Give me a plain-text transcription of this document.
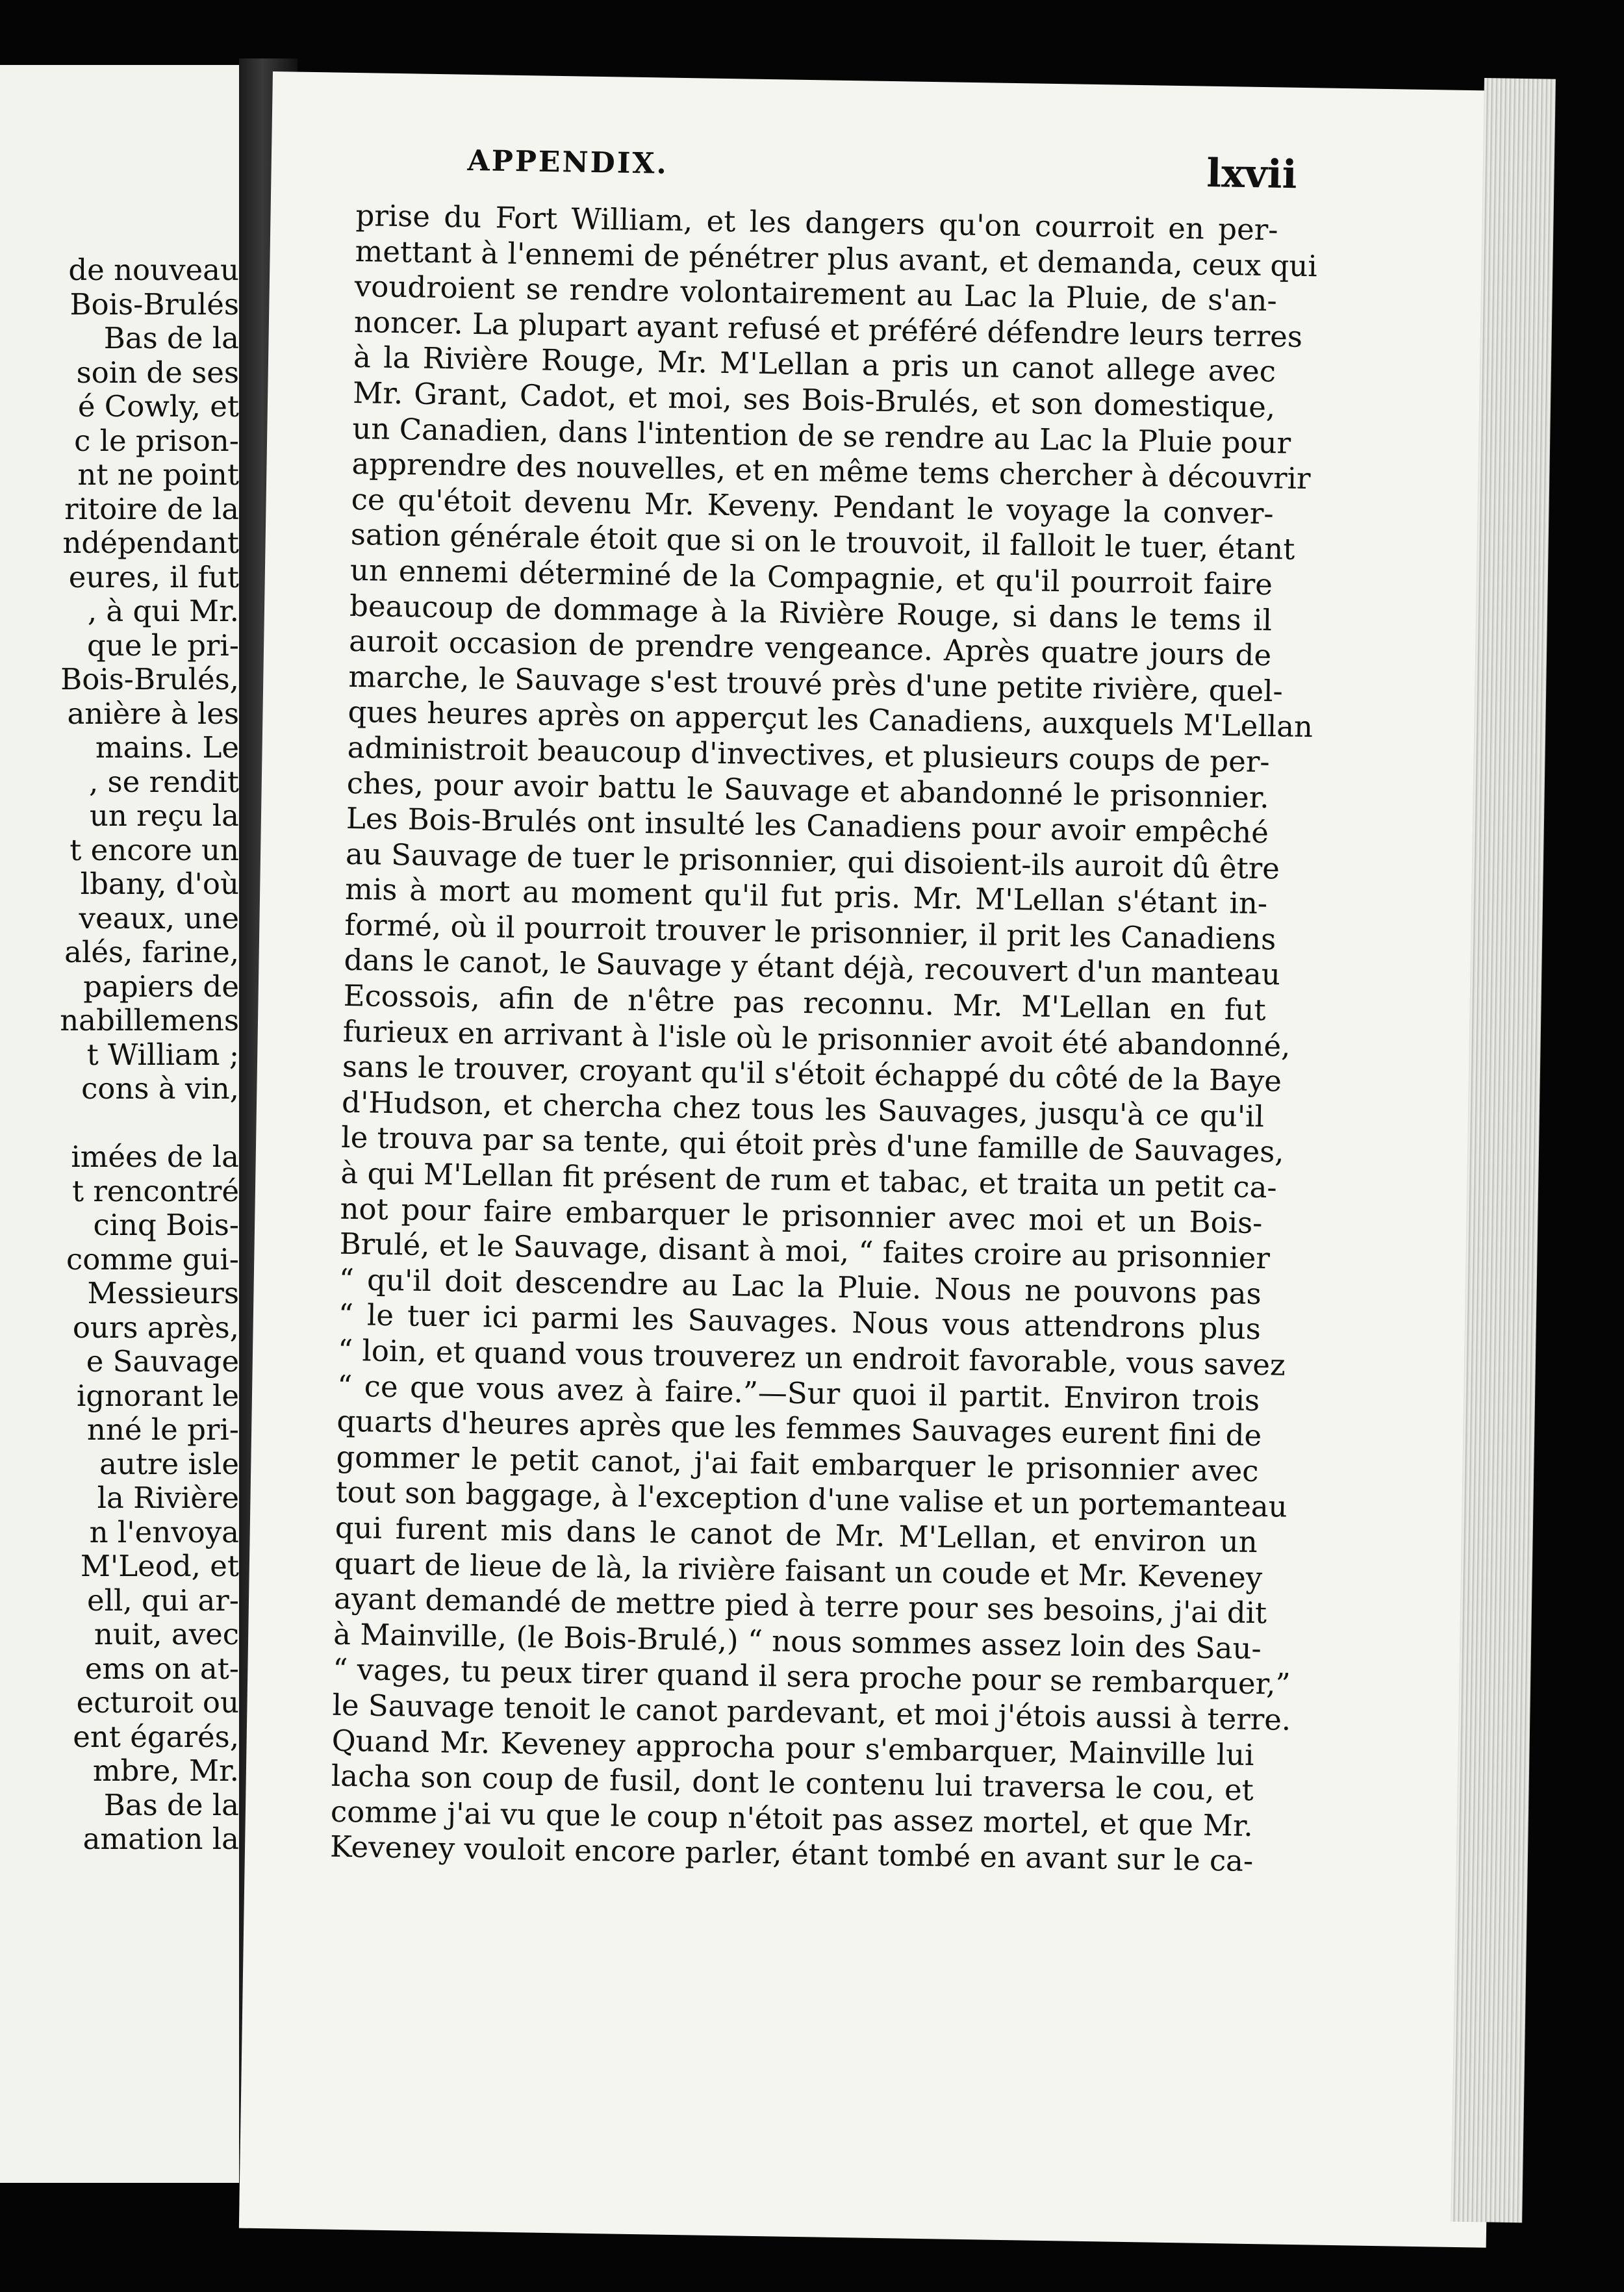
de nouveau
Bois-Brulés
Bas de la
soin de ses
é Cowly, et
c le prison-
nt ne point
ritoire de la
ndépendant
eures, il fut
, à qui Mr.
que le pri-
Bois-Brulés,
anière à les
mains. Le
, se rendit
un reçu la
t encore un
lbany, d'où
veaux, une
alés, farine,
papiers de
nabillemens
t William ;
cons à vin,
imées de la
t rencontré
cinq Bois-
comme gui-
Messieurs
ours après,
e Sauvage
ignorant le
nné le pri-
autre isle
la Rivière
n l'envoya
M'Leod, et
ell, qui ar-
nuit, avec
ems on at-
ecturoit ou
ent égarés,
mbre, Mr.
Bas de la
amation la
APPENDIX.	lxvii
prise du Fort William, et les dangers qu'on courroit en per-
mettant à l'ennemi de pénétrer plus avant, et demanda, ceux qui
voudroient se rendre volontairement au Lac la Pluie, de s'an-
noncer. La plupart ayant refusé et préféré défendre leurs terres
à la Rivière Rouge, Mr. M'Lellan a pris un canot allege avec
Mr. Grant, Cadot, et moi, ses Bois-Brulés, et son domestique,
un Canadien, dans l'intention de se rendre au Lac la Pluie pour
apprendre des nouvelles, et en même tems chercher à découvrir
ce qu'étoit devenu Mr. Keveny. Pendant le voyage la conver-
sation générale étoit que si on le trouvoit, il falloit le tuer, étant
un ennemi déterminé de la Compagnie, et qu'il pourroit faire
beaucoup de dommage à la Rivière Rouge, si dans le tems il
auroit occasion de prendre vengeance. Après quatre jours de
marche, le Sauvage s'est trouvé près d'une petite rivière, quel-
ques heures après on apperçut les Canadiens, auxquels M'Lellan
administroit beaucoup d'invectives, et plusieurs coups de per-
ches, pour avoir battu le Sauvage et abandonné le prisonnier.
Les Bois-Brulés ont insulté les Canadiens pour avoir empêché
au Sauvage de tuer le prisonnier, qui disoient-ils auroit dû être
mis à mort au moment qu'il fut pris. Mr. M'Lellan s'étant in-
formé, où il pourroit trouver le prisonnier, il prit les Canadiens
dans le canot, le Sauvage y étant déjà, recouvert d'un manteau
Ecossois, afin de n'être pas reconnu. Mr. M'Lellan en fut
furieux en arrivant à l'isle où le prisonnier avoit été abandonné,
sans le trouver, croyant qu'il s'étoit échappé du côté de la Baye
d'Hudson, et chercha chez tous les Sauvages, jusqu'à ce qu'il
le trouva par sa tente, qui étoit près d'une famille de Sauvages,
à qui M'Lellan fit présent de rum et tabac, et traita un petit ca-
not pour faire embarquer le prisonnier avec moi et un Bois-
Brulé, et le Sauvage, disant à moi, “ faites croire au prisonnier
“ qu'il doit descendre au Lac la Pluie. Nous ne pouvons pas
“ le tuer ici parmi les Sauvages. Nous vous attendrons plus
“ loin, et quand vous trouverez un endroit favorable, vous savez
“ ce que vous avez à faire.”—Sur quoi il partit. Environ trois
quarts d'heures après que les femmes Sauvages eurent fini de
gommer le petit canot, j'ai fait embarquer le prisonnier avec
tout son baggage, à l'exception d'une valise et un portemanteau
qui furent mis dans le canot de Mr. M'Lellan, et environ un
quart de lieue de là, la rivière faisant un coude et Mr. Keveney
ayant demandé de mettre pied à terre pour ses besoins, j'ai dit
à Mainville, (le Bois-Brulé,) “ nous sommes assez loin des Sau-
“ vages, tu peux tirer quand il sera proche pour se rembarquer,”
le Sauvage tenoit le canot pardevant, et moi j'étois aussi à terre.
Quand Mr. Keveney approcha pour s'embarquer, Mainville lui
lacha son coup de fusil, dont le contenu lui traversa le cou, et
comme j'ai vu que le coup n'étoit pas assez mortel, et que Mr.
Keveney vouloit encore parler, étant tombé en avant sur le ca-
